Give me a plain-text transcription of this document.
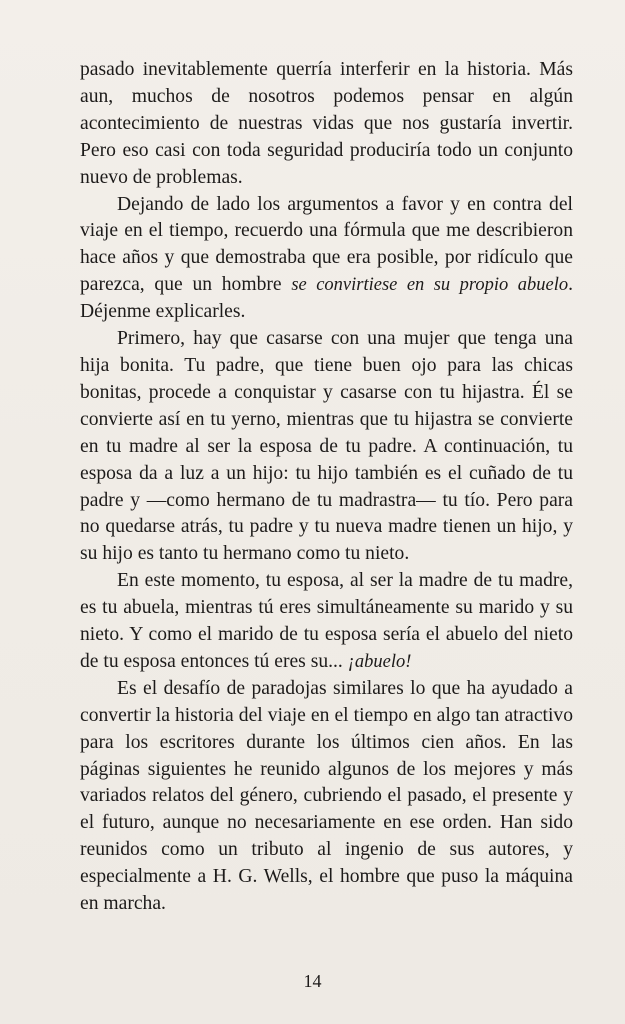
pasado inevitablemente querría interferir en la historia. Más aun, muchos de nosotros podemos pensar en algún acontecimiento de nuestras vidas que nos gustaría invertir. Pero eso casi con toda seguridad produciría todo un conjunto nuevo de problemas.

Dejando de lado los argumentos a favor y en contra del viaje en el tiempo, recuerdo una fórmula que me describieron hace años y que demostraba que era posible, por ridículo que parezca, que un hombre se convirtiese en su propio abuelo. Déjenme explicarles.

Primero, hay que casarse con una mujer que tenga una hija bonita. Tu padre, que tiene buen ojo para las chicas bonitas, procede a conquistar y casarse con tu hijastra. Él se convierte así en tu yerno, mientras que tu hijastra se convierte en tu madre al ser la esposa de tu padre. A continuación, tu esposa da a luz a un hijo: tu hijo también es el cuñado de tu padre y —como hermano de tu madrastra— tu tío. Pero para no quedarse atrás, tu padre y tu nueva madre tienen un hijo, y su hijo es tanto tu hermano como tu nieto.

En este momento, tu esposa, al ser la madre de tu madre, es tu abuela, mientras tú eres simultáneamente su marido y su nieto. Y como el marido de tu esposa sería el abuelo del nieto de tu esposa entonces tú eres su... ¡abuelo!

Es el desafío de paradojas similares lo que ha ayudado a convertir la historia del viaje en el tiempo en algo tan atractivo para los escritores durante los últimos cien años. En las páginas siguientes he reunido algunos de los mejores y más variados relatos del género, cubriendo el pasado, el presente y el futuro, aunque no necesariamente en ese orden. Han sido reunidos como un tributo al ingenio de sus autores, y especialmente a H. G. Wells, el hombre que puso la máquina en marcha.

14
